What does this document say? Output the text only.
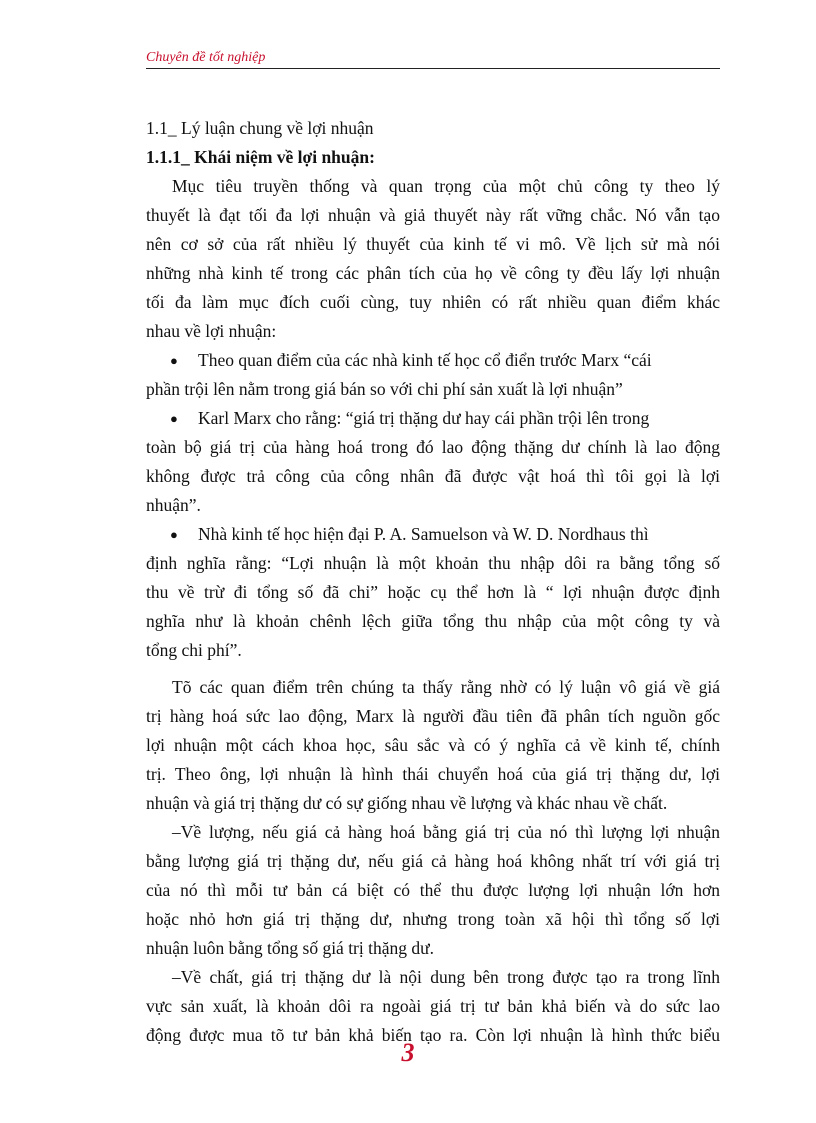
Chuyên đề tốt nghiệp
1.1_ Lý luận chung về lợi nhuận
1.1.1_ Khái niệm về lợi nhuận:
Mục tiêu truyền thống và quan trọng của một chủ công ty theo lý
thuyết là đạt tối đa lợi nhuận và giả thuyết này rất vững chắc. Nó vẫn tạo
nên cơ sở của rất nhiều lý thuyết của kinh tế vi mô. Về lịch sử mà nói
những nhà kinh tế trong các phân tích của họ về công ty đều lấy lợi nhuận
tối đa làm mục đích cuối cùng, tuy nhiên có rất nhiều quan điểm khác
nhau về lợi nhuận:
● Theo quan điểm của các nhà kinh tế học cổ điển trước Marx “cái
phần trội lên nằm trong giá bán so với chi phí sản xuất là lợi nhuận”
● Karl Marx cho rằng: “giá trị thặng dư hay cái phần trội lên trong
toàn bộ giá trị của hàng hoá trong đó lao động thặng dư chính là lao động
không được trả công của công nhân đã được vật hoá thì tôi gọi là lợi
nhuận”.
● Nhà kinh tế học hiện đại P. A. Samuelson và W. D. Nordhaus thì
định nghĩa rằng: “Lợi nhuận là một khoản thu nhập dôi ra bằng tổng số
thu về trừ đi tổng số đã chi” hoặc cụ thể hơn là “ lợi nhuận được định
nghĩa như là khoản chênh lệch giữa tổng thu nhập của một công ty và
tổng chi phí”.
Tõ các quan điểm trên chúng ta thấy rằng nhờ có lý luận vô giá về giá
trị hàng hoá sức lao động, Marx là người đầu tiên đã phân tích nguồn gốc
lợi nhuận một cách khoa học, sâu sắc và có ý nghĩa cả về kinh tế, chính
trị. Theo ông, lợi nhuận là hình thái chuyển hoá của giá trị thặng dư, lợi
nhuận và giá trị thặng dư có sự giống nhau về lượng và khác nhau về chất.
–Về lượng, nếu giá cả hàng hoá bằng giá trị của nó thì lượng lợi nhuận
bằng lượng giá trị thặng dư, nếu giá cả hàng hoá không nhất trí với giá trị
của nó thì mỗi tư bản cá biệt có thể thu được lượng lợi nhuận lớn hơn
hoặc nhỏ hơn giá trị thặng dư, nhưng trong toàn xã hội thì tổng số lợi
nhuận luôn bằng tổng số giá trị thặng dư.
–Về chất, giá trị thặng dư là nội dung bên trong được tạo ra trong lĩnh
vực sản xuất, là khoản dôi ra ngoài giá trị tư bản khả biến và do sức lao
động được mua tõ tư bản khả biến tạo ra. Còn lợi nhuận là hình thức biểu
3
